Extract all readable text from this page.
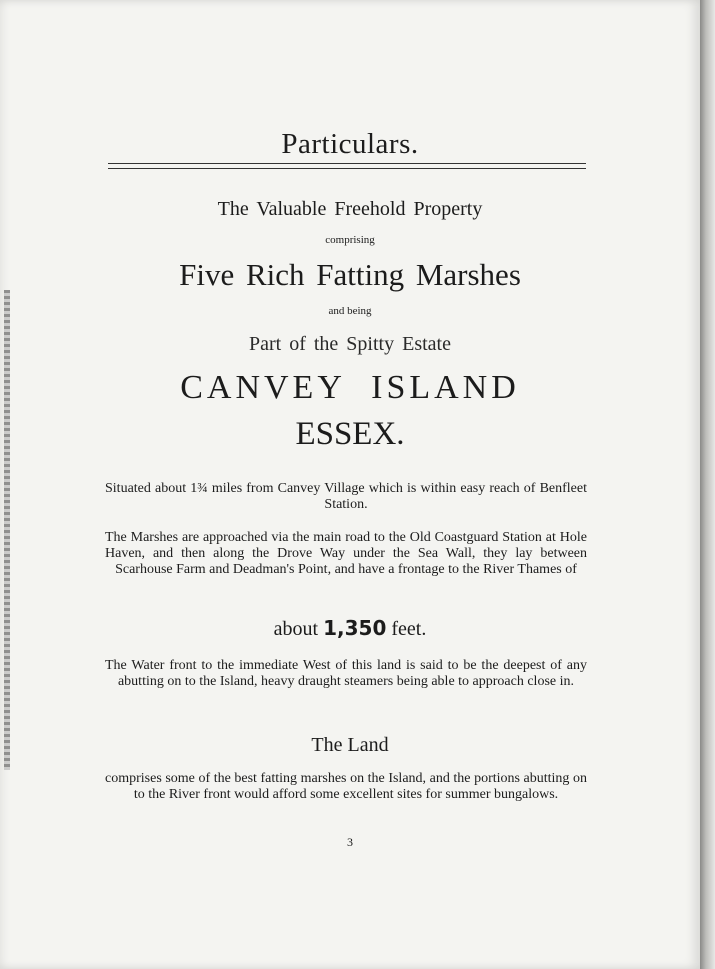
Particulars.
The Valuable Freehold Property
comprising
Five Rich Fatting Marshes
and being
Part of the Spitty Estate
CANVEY ISLAND
ESSEX.
Situated about 1¾ miles from Canvey Village which is within easy reach of Benfleet Station.
The Marshes are approached via the main road to the Old Coastguard Station at Hole Haven, and then along the Drove Way under the Sea Wall, they lay between Scarhouse Farm and Deadman's Point, and have a frontage to the River Thames of
about 1,350 feet.
The Water front to the immediate West of this land is said to be the deepest of any abutting on to the Island, heavy draught steamers being able to approach close in.
The Land
comprises some of the best fatting marshes on the Island, and the portions abutting on to the River front would afford some excellent sites for summer bungalows.
3
